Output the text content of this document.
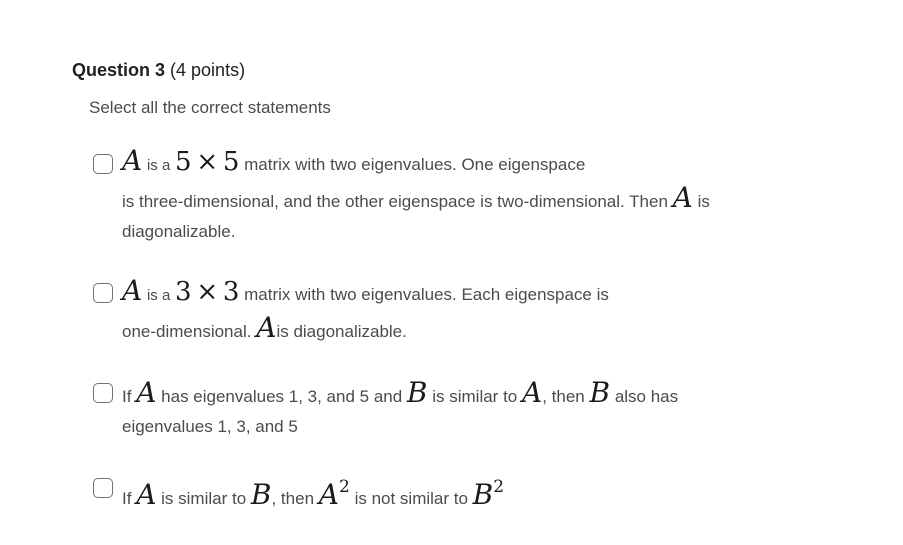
Question 3 (4 points)
Select all the correct statements
A is a 5 × 5 matrix with two eigenvalues. One eigenspace
is three-dimensional, and the other eigenspace is two-dimensional. Then A is
diagonalizable.
A is a 3 × 3 matrix with two eigenvalues. Each eigenspace is
one-dimensional. Ais diagonalizable.
If A has eigenvalues 1, 3, and 5 and B is similar to A, then B also has
eigenvalues 1, 3, and 5
If A is similar to B, then A2 is not similar to B2
